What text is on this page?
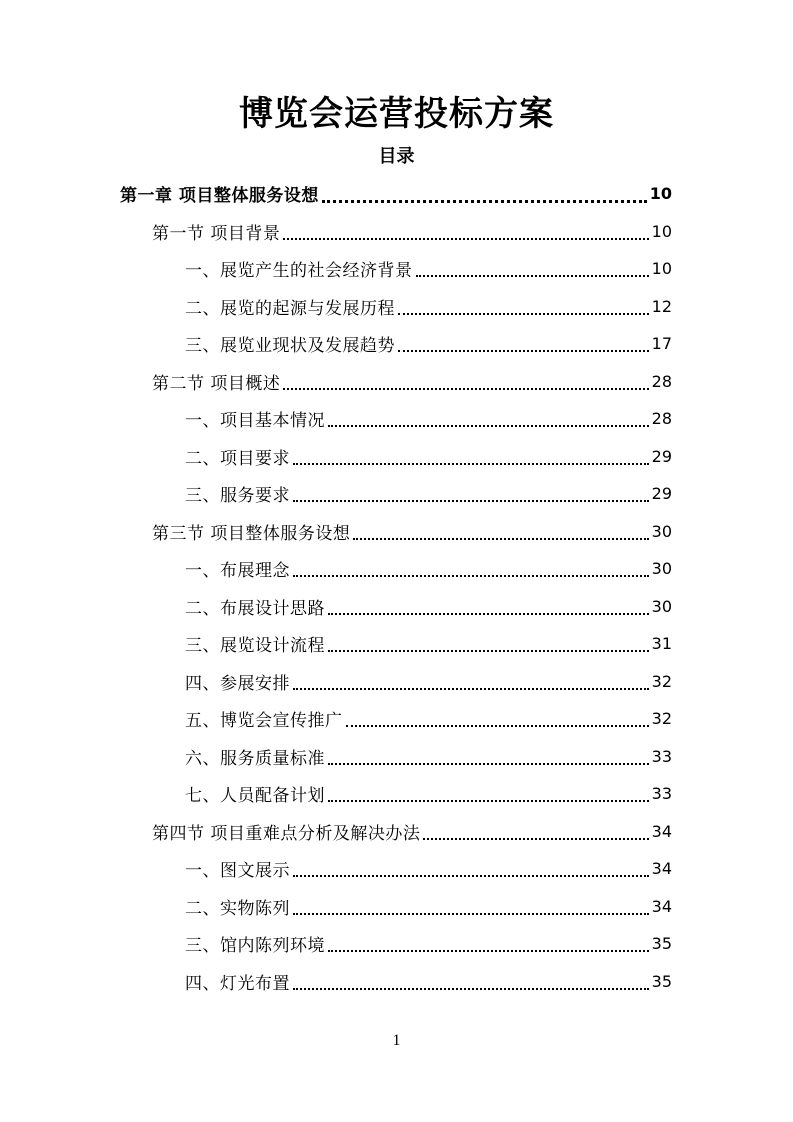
博览会运营投标方案
目录
第一章 项目整体服务设想	10
第一节 项目背景	10
一、展览产生的社会经济背景	10
二、展览的起源与发展历程	12
三、展览业现状及发展趋势	17
第二节 项目概述	28
一、项目基本情况	28
二、项目要求	29
三、服务要求	29
第三节 项目整体服务设想	30
一、布展理念	30
二、布展设计思路	30
三、展览设计流程	31
四、参展安排	32
五、博览会宣传推广	32
六、服务质量标准	33
七、人员配备计划	33
第四节 项目重难点分析及解决办法	34
一、图文展示	34
二、实物陈列	34
三、馆内陈列环境	35
四、灯光布置	35
1
